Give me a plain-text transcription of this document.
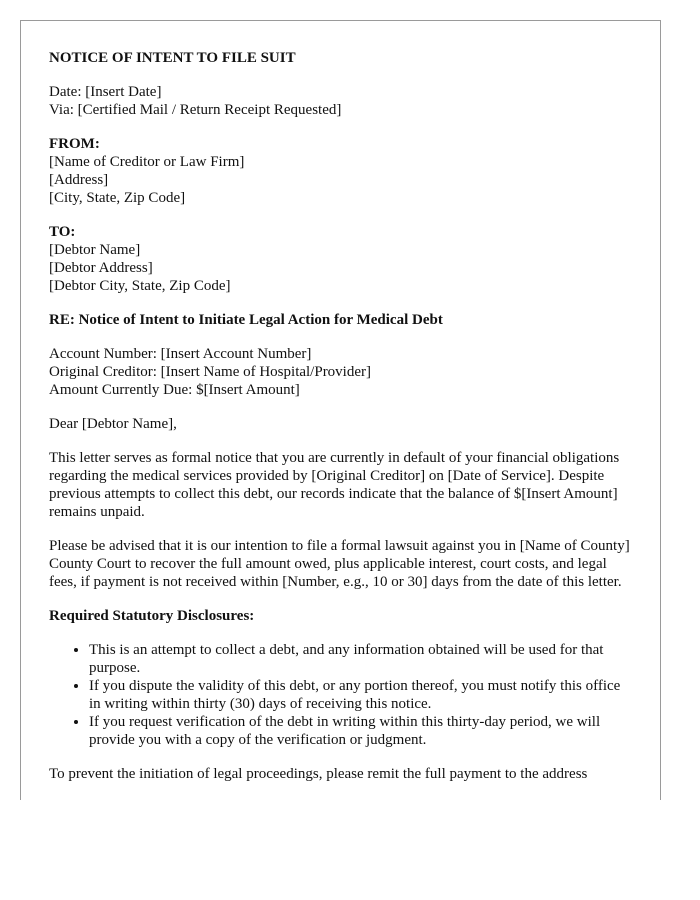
NOTICE OF INTENT TO FILE SUIT

Date: [Insert Date]

Via: [Certified Mail / Return Receipt Requested]

FROM:

[Name of Creditor or Law Firm]

[Address]

[City, State, Zip Code]

TO:

[Debtor Name]

[Debtor Address]

[Debtor City, State, Zip Code]

RE: Notice of Intent to Initiate Legal Action for Medical Debt

Account Number: [Insert Account Number]

Original Creditor: [Insert Name of Hospital/Provider]

Amount Currently Due: $[Insert Amount]

Dear [Debtor Name],

This letter serves as formal notice that you are currently in default of your financial obligations regarding the medical services provided by [Original Creditor] on [Date of Service]. Despite previous attempts to collect this debt, our records indicate that the balance of $[Insert Amount] remains unpaid.

Please be advised that it is our intention to file a formal lawsuit against you in [Name of County] County Court to recover the full amount owed, plus applicable interest, court costs, and legal fees, if payment is not received within [Number, e.g., 10 or 30] days from the date of this letter.

Required Statutory Disclosures:

• This is an attempt to collect a debt, and any information obtained will be used for that purpose.
• If you dispute the validity of this debt, or any portion thereof, you must notify this office in writing within thirty (30) days of receiving this notice.
• If you request verification of the debt in writing within this thirty-day period, we will provide you with a copy of the verification or judgment.

To prevent the initiation of legal proceedings, please remit the full payment to the address
